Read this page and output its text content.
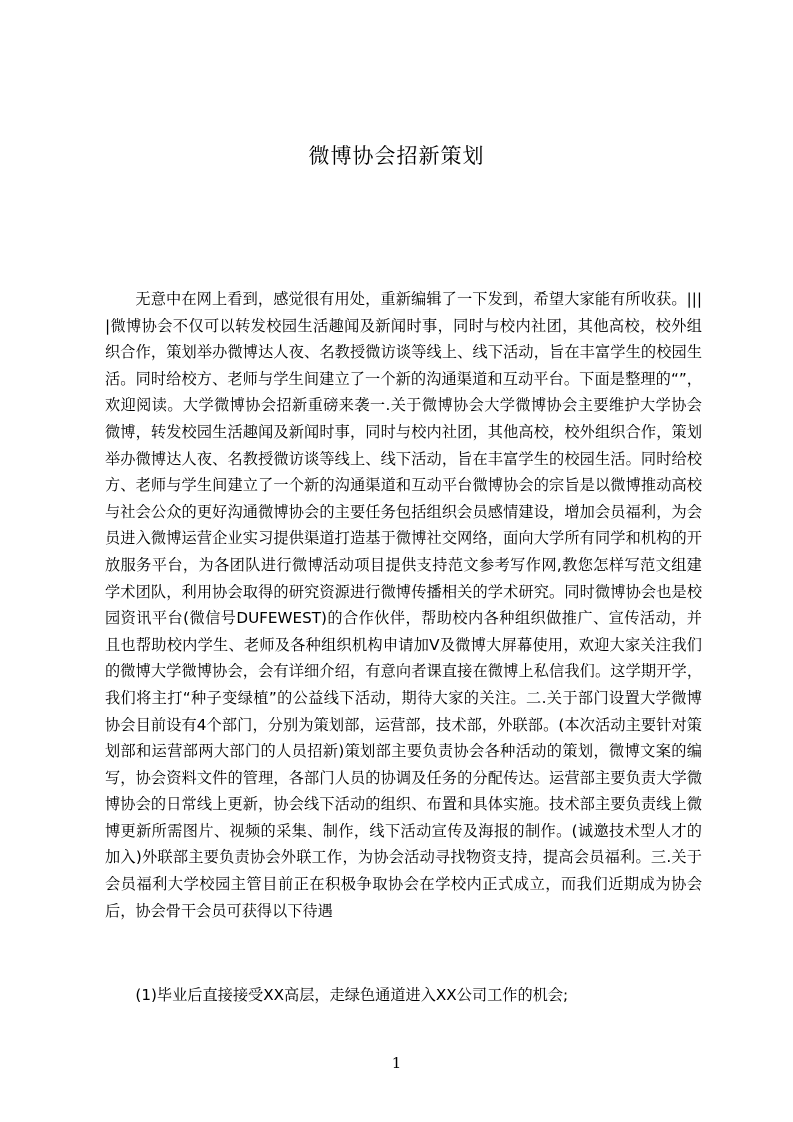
微博协会招新策划

无意中在网上看到，感觉很有用处，重新编辑了一下发到，希望大家能有所收获。||||微博协会不仅可以转发校园生活趣闻及新闻时事，同时与校内社团，其他高校，校外组织合作，策划举办微博达人夜、名教授微访谈等线上、线下活动，旨在丰富学生的校园生活。同时给校方、老师与学生间建立了一个新的沟通渠道和互动平台。下面是整理的“”，欢迎阅读。大学微博协会招新重磅来袭一.关于微博协会大学微博协会主要维护大学协会微博，转发校园生活趣闻及新闻时事，同时与校内社团，其他高校，校外组织合作，策划举办微博达人夜、名教授微访谈等线上、线下活动，旨在丰富学生的校园生活。同时给校方、老师与学生间建立了一个新的沟通渠道和互动平台微博协会的宗旨是以微博推动高校与社会公众的更好沟通微博协会的主要任务包括组织会员感情建设，增加会员福利，为会员进入微博运营企业实习提供渠道打造基于微博社交网络，面向大学所有同学和机构的开放服务平台，为各团队进行微博活动项目提供支持范文参考写作网,教您怎样写范文组建学术团队，利用协会取得的研究资源进行微博传播相关的学术研究。同时微博协会也是校园资讯平台(微信号DUFEWEST)的合作伙伴，帮助校内各种组织做推广、宣传活动，并且也帮助校内学生、老师及各种组织机构申请加V及微博大屏幕使用，欢迎大家关注我们的微博大学微博协会，会有详细介绍，有意向者课直接在微博上私信我们。这学期开学，我们将主打“种子变绿植”的公益线下活动，期待大家的关注。二.关于部门设置大学微博协会目前设有4个部门，分别为策划部，运营部，技术部，外联部。(本次活动主要针对策划部和运营部两大部门的人员招新)策划部主要负责协会各种活动的策划，微博文案的编写，协会资料文件的管理，各部门人员的协调及任务的分配传达。运营部主要负责大学微博协会的日常线上更新，协会线下活动的组织、布置和具体实施。技术部主要负责线上微博更新所需图片、视频的采集、制作，线下活动宣传及海报的制作。(诚邀技术型人才的加入)外联部主要负责协会外联工作，为协会活动寻找物资支持，提高会员福利。三.关于会员福利大学校园主管目前正在积极争取协会在学校内正式成立，而我们近期成为协会后，协会骨干会员可获得以下待遇

(1)毕业后直接接受XX高层，走绿色通道进入XX公司工作的机会;

1
